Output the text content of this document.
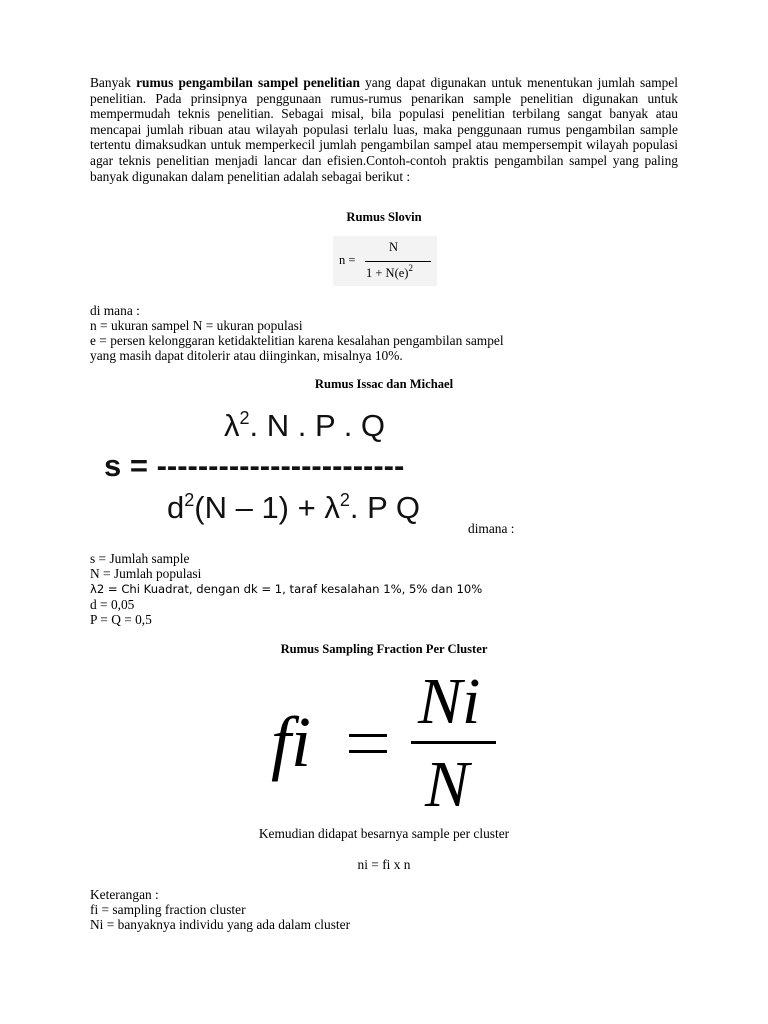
Banyak rumus pengambilan sampel penelitian yang dapat digunakan untuk menentukan jumlah sampel penelitian. Pada prinsipnya penggunaan rumus-rumus penarikan sample penelitian digunakan untuk mempermudah teknis penelitian. Sebagai misal, bila populasi penelitian terbilang sangat banyak atau mencapai jumlah ribuan atau wilayah populasi terlalu luas, maka penggunaan rumus pengambilan sample tertentu dimaksudkan untuk memperkecil jumlah pengambilan sampel atau mempersempit wilayah populasi agar teknis penelitian menjadi lancar dan efisien.Contoh-contoh praktis pengambilan sampel yang paling banyak digunakan dalam penelitian adalah sebagai berikut :
Rumus Slovin
n =
N
$1 + N(e)^2$
di mana :
n = ukuran sampel N = ukuran populasi
e = persen kelonggaran ketidaktelitian karena kesalahan pengambilan sampel
yang masih dapat ditolerir atau diinginkan, misalnya 10%.
Rumus Issac dan Michael
$\lambda^2$. N . P . Q
s = ------------------------
$d^2(N - 1) + \lambda^2$. P Q
dimana :
s = Jumlah sample
N = Jumlah populasi
λ2 = Chi Kuadrat, dengan dk = 1, taraf kesalahan 1%, 5% dan 10%
d = 0,05
P = Q = 0,5
Rumus Sampling Fraction Per Cluster
fi
Ni
N
Kemudian didapat besarnya sample per cluster
ni = fi x n
Keterangan :
fi = sampling fraction cluster
Ni = banyaknya individu yang ada dalam cluster
